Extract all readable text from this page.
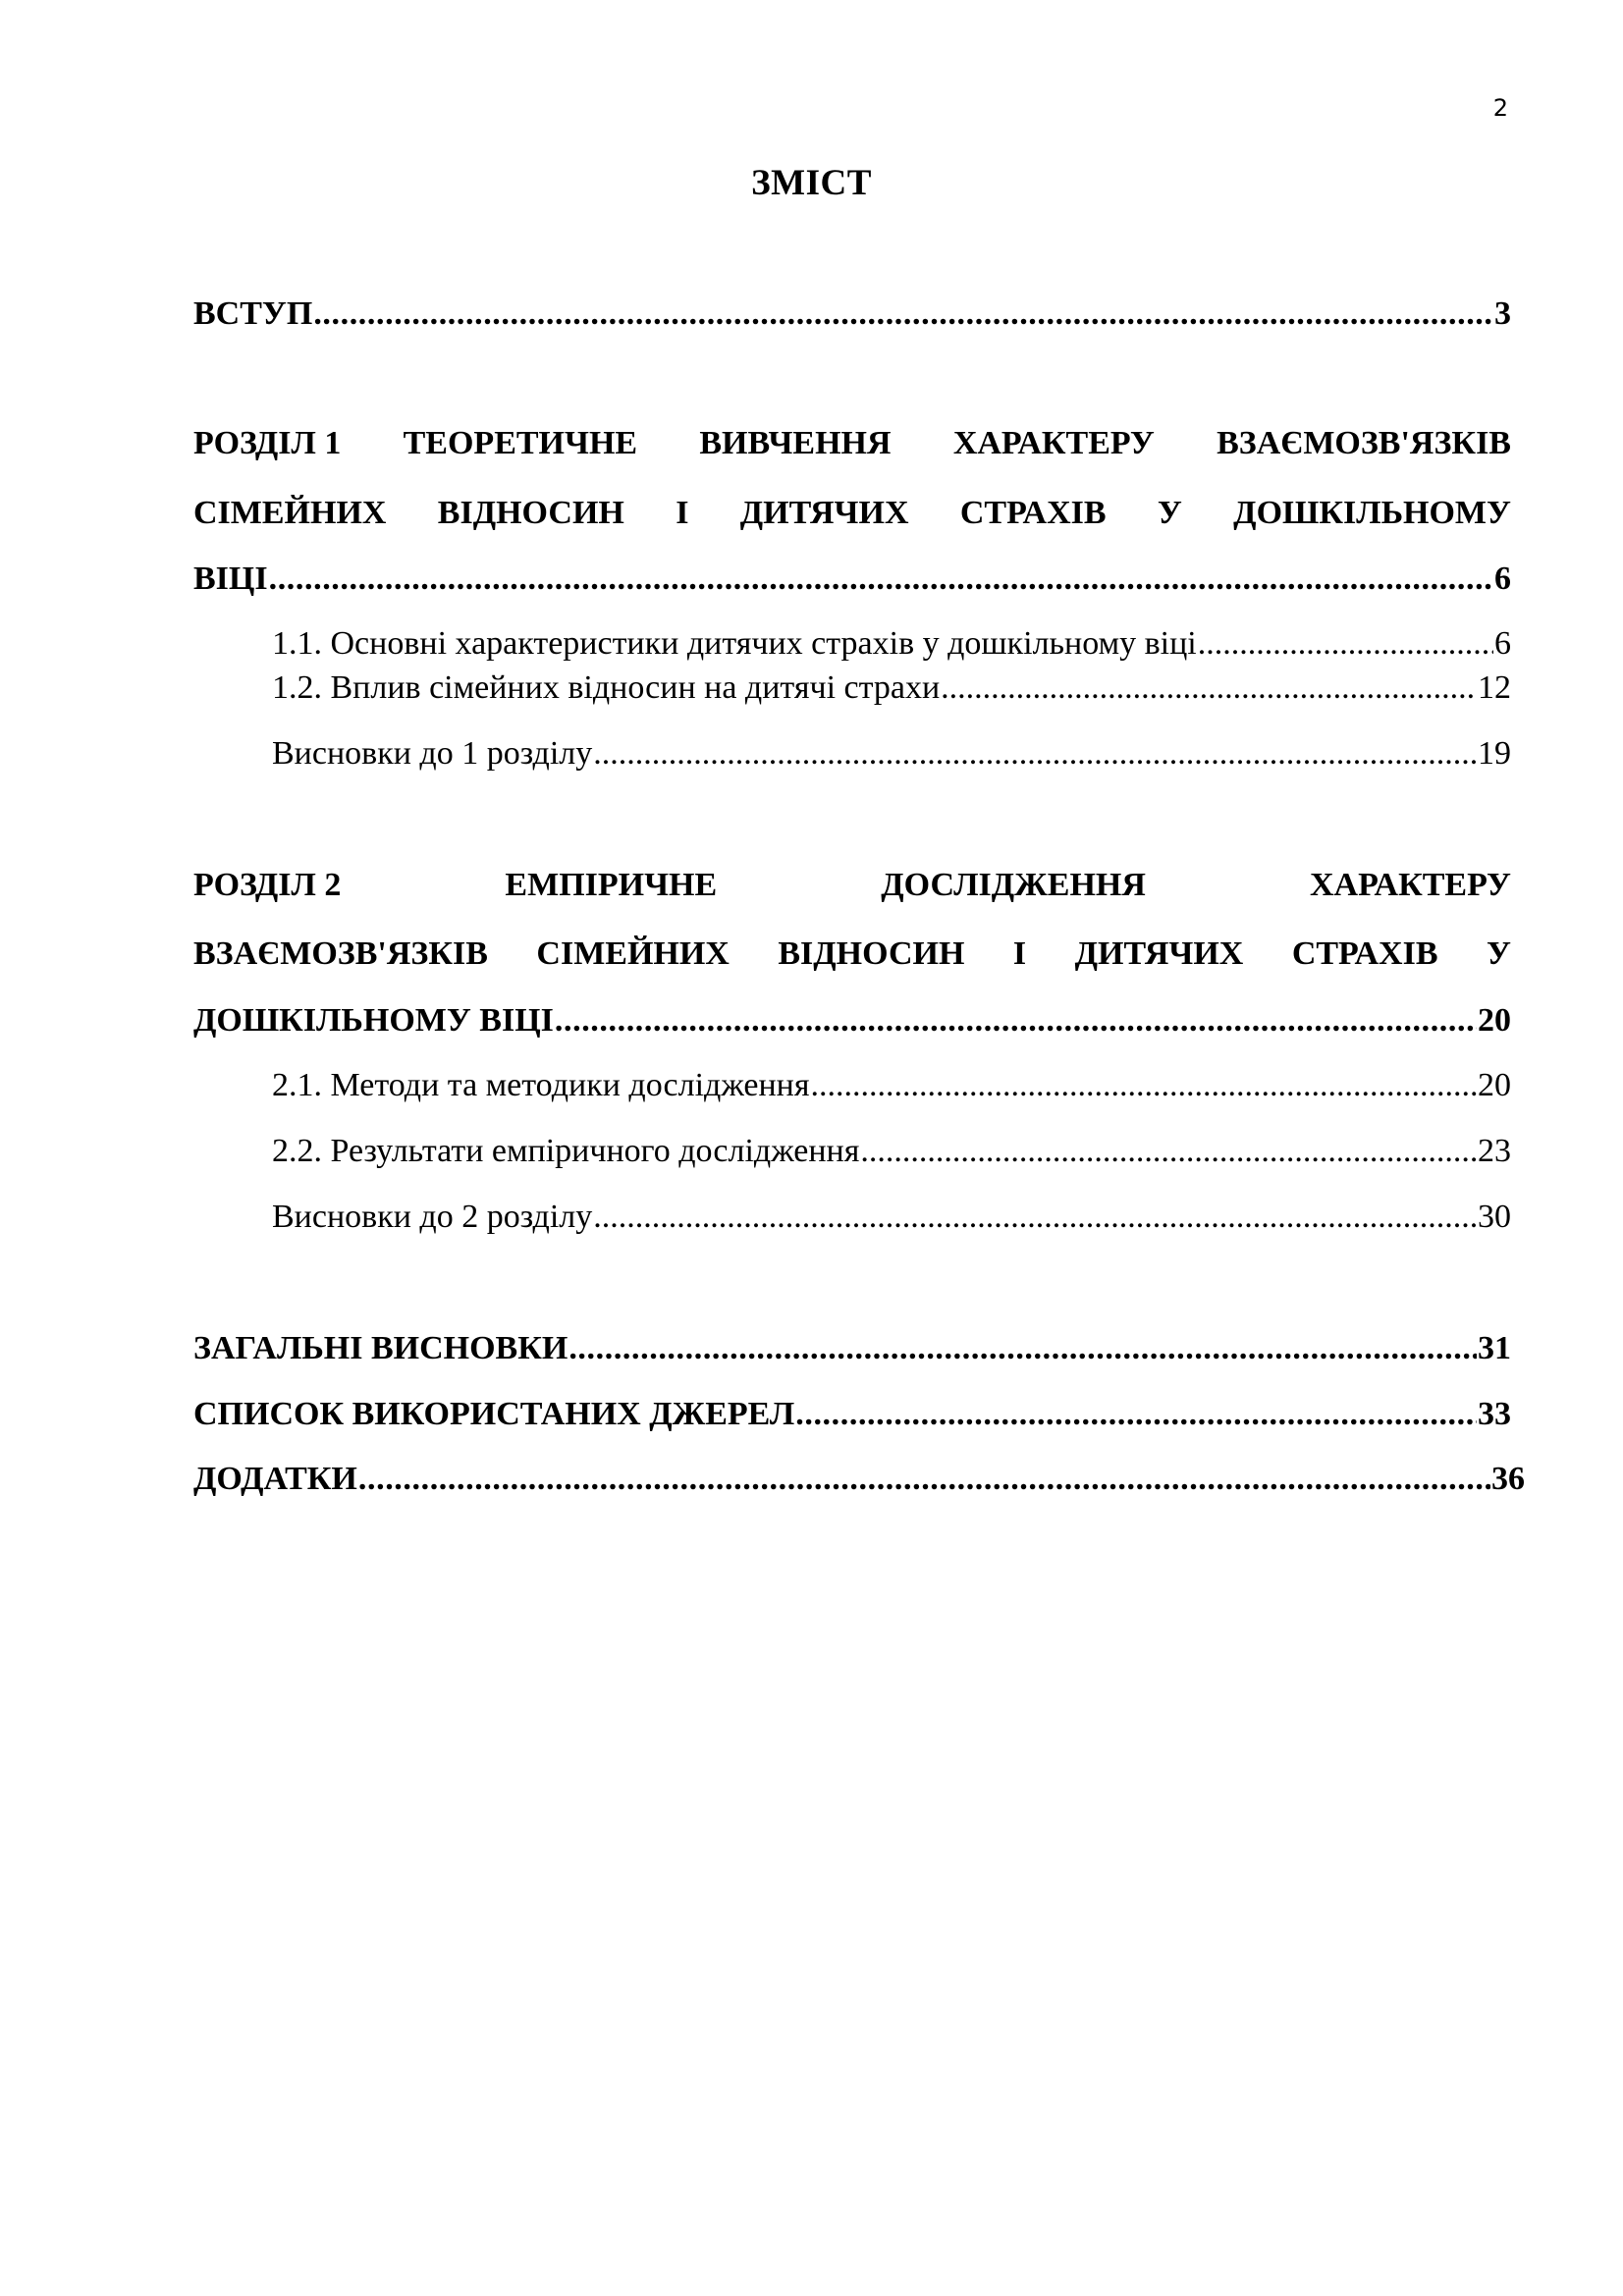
2
ЗМІСТ
ВСТУП .....	3
РОЗДІЛ 1 ТЕОРЕТИЧНЕ ВИВЧЕННЯ ХАРАКТЕРУ ВЗАЄМОЗВ'ЯЗКІВ
СІМЕЙНИХ ВІДНОСИН І ДИТЯЧИХ СТРАХІВ У ДОШКІЛЬНОМУ
ВІЦІ .....	6
1.1. Основні характеристики дитячих страхів у дошкільному віці .....	6
1.2. Вплив сімейних відносин на дитячі страхи .....	12
Висновки до 1 розділу .....	19
РОЗДІЛ 2	ЕМПІРИЧНЕ	ДОСЛІДЖЕННЯ	ХАРАКТЕРУ
ВЗАЄМОЗВ'ЯЗКІВ СІМЕЙНИХ ВІДНОСИН І ДИТЯЧИХ СТРАХІВ У
ДОШКІЛЬНОМУ ВІЦІ .....	20
2.1. Методи та методики дослідження .....	20
2.2. Результати емпіричного дослідження .....	23
Висновки до 2 розділу .....	30
ЗАГАЛЬНІ ВИСНОВКИ .....	31
СПИСОК ВИКОРИСТАНИХ ДЖЕРЕЛ .....	33
ДОДАТКИ .....	36
